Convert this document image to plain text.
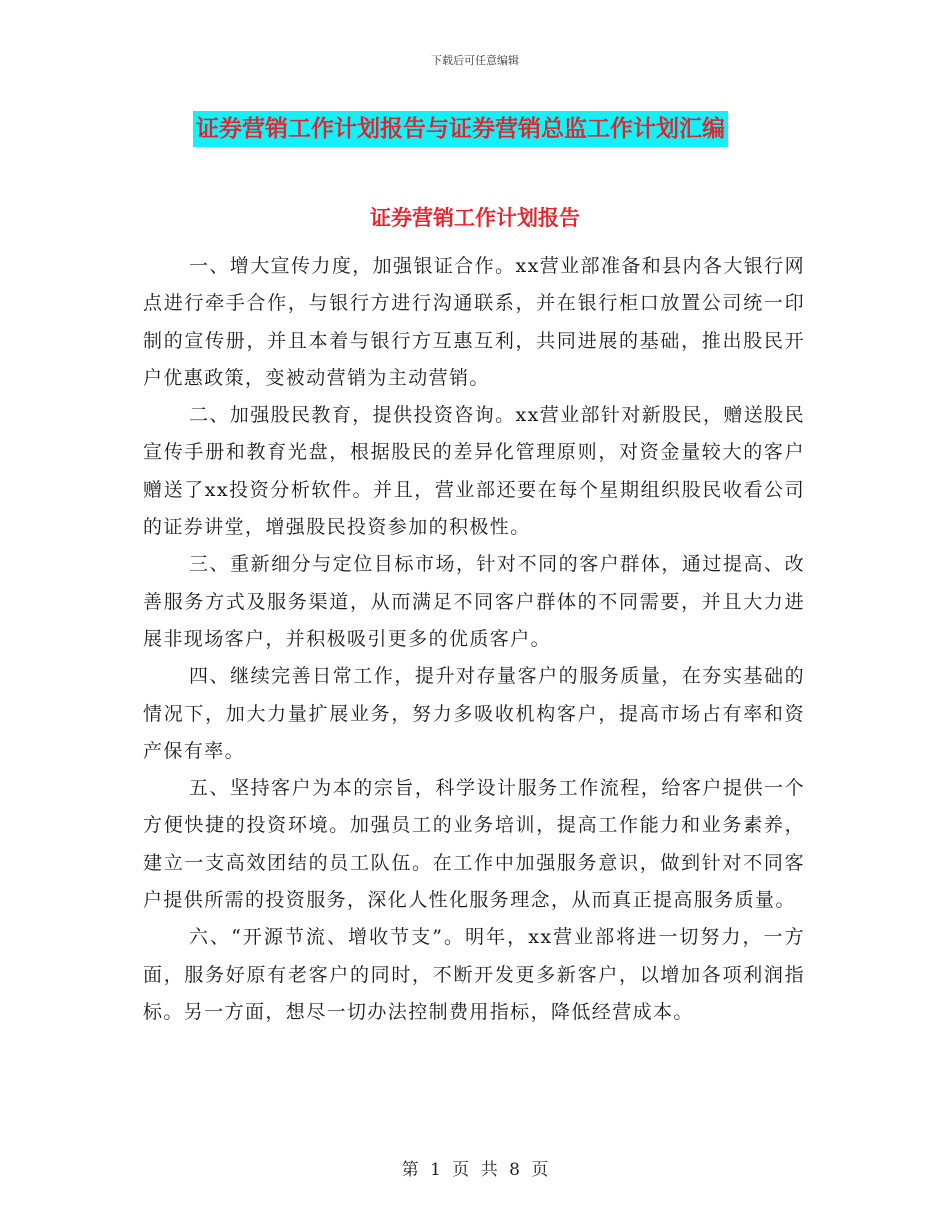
下载后可任意编辑
证券营销工作计划报告与证券营销总监工作计划汇编
证券营销工作计划报告

一、增大宣传力度，加强银证合作。xx营业部准备和县内各大银行网点进行牵手合作，与银行方进行沟通联系，并在银行柜口放置公司统一印制的宣传册，并且本着与银行方互惠互利，共同进展的基础，推出股民开户优惠政策，变被动营销为主动营销。

二、加强股民教育，提供投资咨询。xx营业部针对新股民，赠送股民宣传手册和教育光盘，根据股民的差异化管理原则，对资金量较大的客户赠送了xx投资分析软件。并且，营业部还要在每个星期组织股民收看公司的证券讲堂，增强股民投资参加的积极性。

三、重新细分与定位目标市场，针对不同的客户群体，通过提高、改善服务方式及服务渠道，从而满足不同客户群体的不同需要，并且大力进展非现场客户，并积极吸引更多的优质客户。

四、继续完善日常工作，提升对存量客户的服务质量，在夯实基础的情况下，加大力量扩展业务，努力多吸收机构客户，提高市场占有率和资产保有率。

五、坚持客户为本的宗旨，科学设计服务工作流程，给客户提供一个方便快捷的投资环境。加强员工的业务培训，提高工作能力和业务素养，建立一支高效团结的员工队伍。在工作中加强服务意识，做到针对不同客户提供所需的投资服务，深化人性化服务理念，从而真正提高服务质量。

六、“开源节流、增收节支”。明年，xx营业部将进一切努力，一方面，服务好原有老客户的同时，不断开发更多新客户，以增加各项利润指标。另一方面，想尽一切办法控制费用指标，降低经营成本。

第 1 页 共 8 页
